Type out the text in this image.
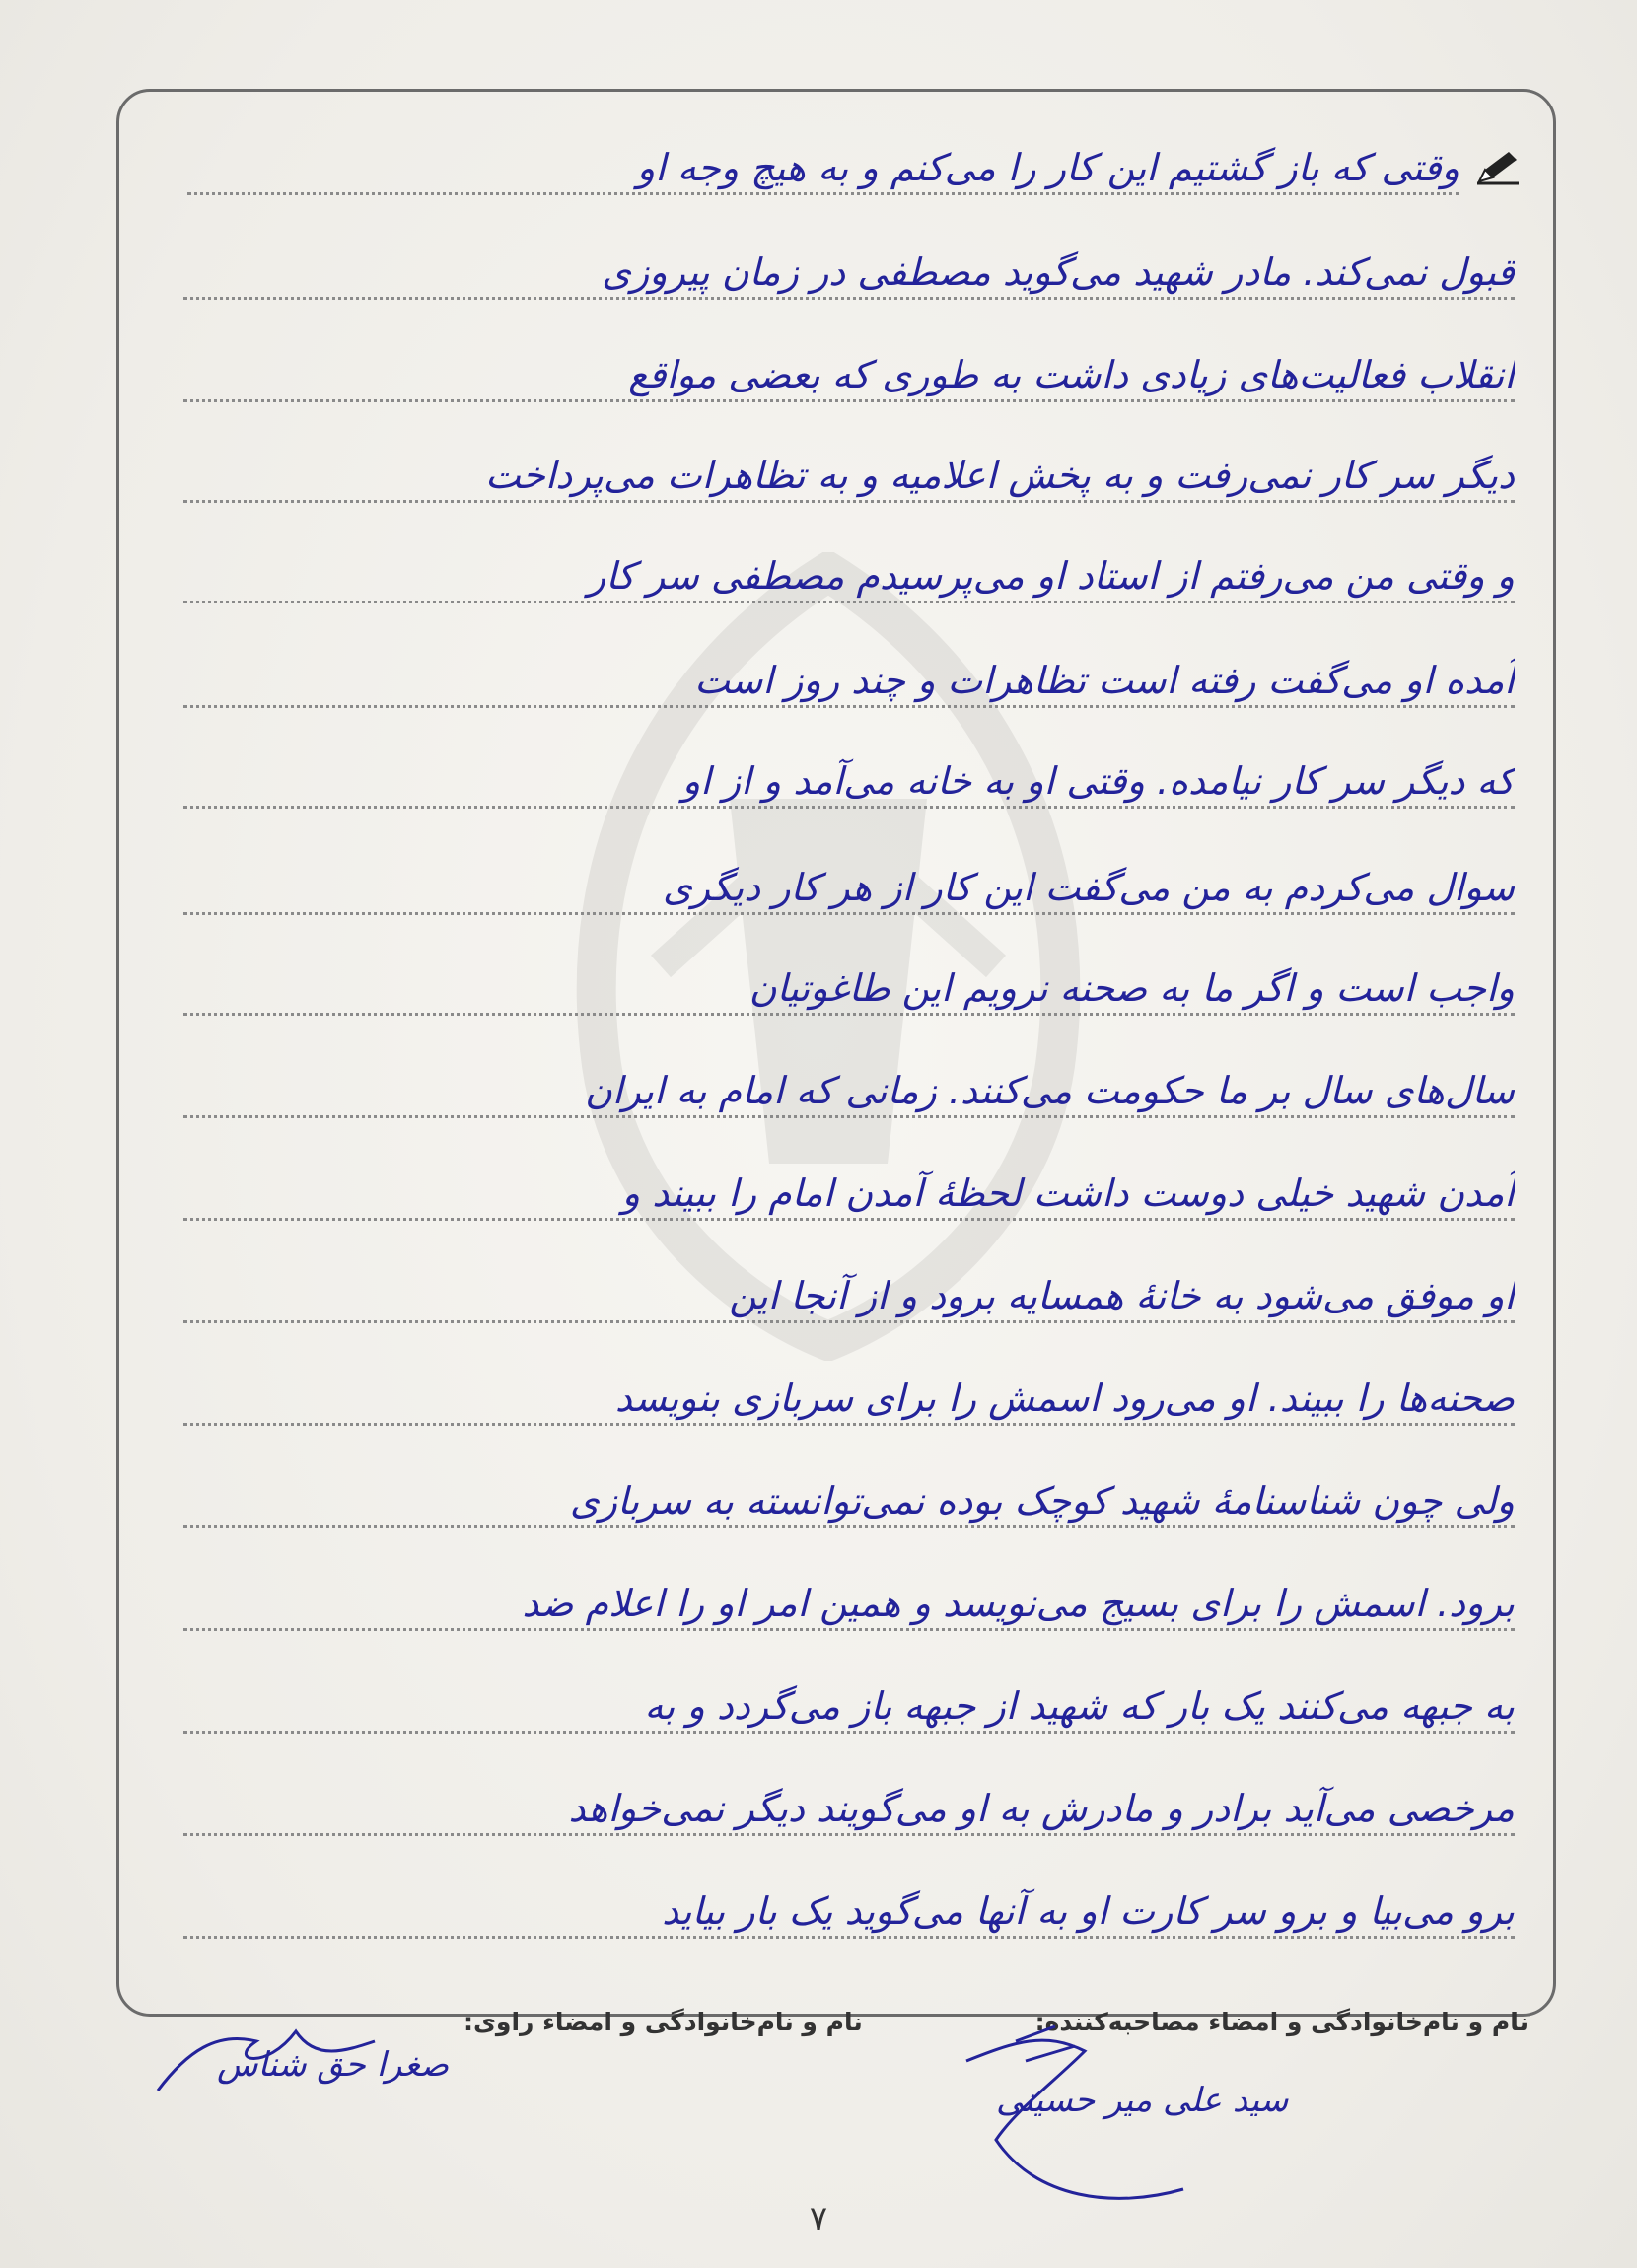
وقتی که باز گشتیم این کار را می‌کنم و به هیچ وجه او
قبول نمی‌کند. مادر شهید می‌گوید مصطفی در زمان پیروزی
انقلاب فعالیت‌های زیادی داشت به طوری که بعضی مواقع
دیگر سر کار نمی‌رفت و به پخش اعلامیه و به تظاهرات می‌پرداخت
و وقتی من می‌رفتم از استاد او می‌پرسیدم مصطفی سر کار
آمده او می‌گفت رفته است تظاهرات و چند روز است
که دیگر سر کار نیامده. وقتی او به خانه می‌آمد و از او
سوال می‌کردم به من می‌گفت این کار از هر کار دیگری
واجب است و اگر ما به صحنه نرویم این طاغوتیان
سال‌های سال بر ما حکومت می‌کنند. زمانی که امام به ایران
آمدن شهید خیلی دوست داشت لحظهٔ آمدن امام را ببیند و
او موفق می‌شود به خانهٔ همسایه برود و از آنجا این
صحنه‌ها را ببیند. او می‌رود اسمش را برای سربازی بنویسد
ولی چون شناسنامهٔ شهید کوچک بوده نمی‌توانسته به سربازی
برود. اسمش را برای بسیج می‌نویسد و همین امر او را اعلام ضد
به جبهه می‌کنند یک بار که شهید از جبهه باز می‌گردد و به
مرخصی می‌آید برادر و مادرش به او می‌گویند دیگر نمی‌خواهد
برو می‌بیا و برو سر کارت او به آنها می‌گوید یک بار بیاید
نام و نام‌خانوادگی و امضاء مصاحبه‌کننده:
نام و نام‌خانوادگی و امضاء راوی:
صغرا حق شناس
سید علی میر حسینی
۷
